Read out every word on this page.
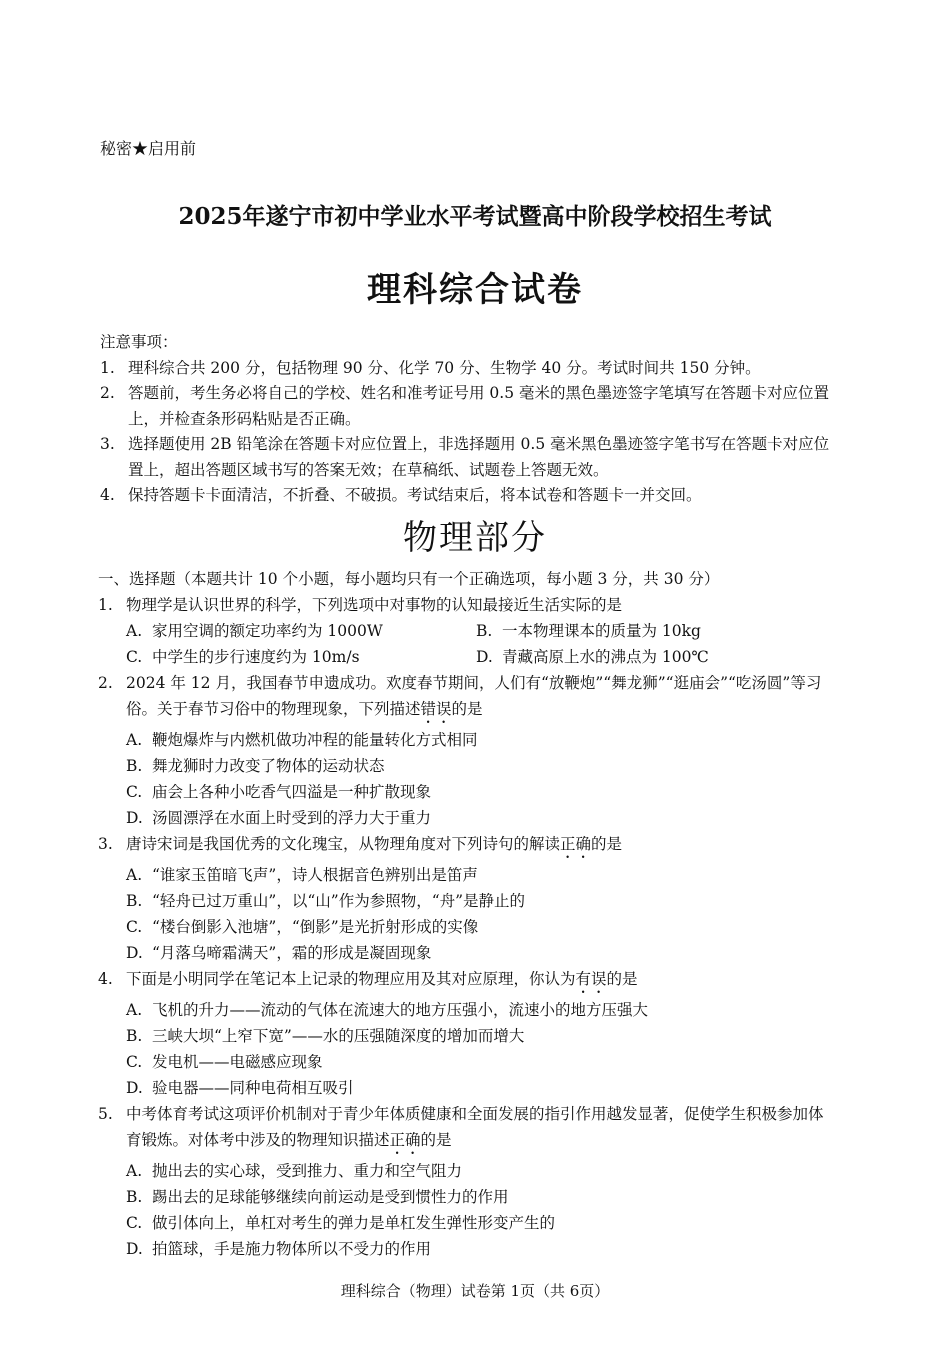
秘密★启用前
2025年遂宁市初中学业水平考试暨高中阶段学校招生考试
理科综合试卷
注意事项：
1. 理科综合共 200 分，包括物理 90 分、化学 70 分、生物学 40 分。考试时间共 150 分钟。
2. 答题前，考生务必将自己的学校、姓名和准考证号用 0.5 毫米的黑色墨迹签字笔填写在答题卡对应位置上，并检查条形码粘贴是否正确。
3. 选择题使用 2B 铅笔涂在答题卡对应位置上，非选择题用 0.5 毫米黑色墨迹签字笔书写在答题卡对应位置上，超出答题区域书写的答案无效；在草稿纸、试题卷上答题无效。
4. 保持答题卡卡面清洁，不折叠、不破损。考试结束后，将本试卷和答题卡一并交回。
物理部分
一、选择题（本题共计 10 个小题，每小题均只有一个正确选项，每小题 3 分，共 30 分）
1. 物理学是认识世界的科学，下列选项中对事物的认知最接近生活实际的是
A. 家用空调的额定功率约为 1000W	B. 一本物理课本的质量为 10kg
C. 中学生的步行速度约为 10m/s	D. 青藏高原上水的沸点为 100℃
2. 2024 年 12 月，我国春节申遗成功。欢度春节期间，人们有“放鞭炮”“舞龙狮”“逛庙会”“吃汤圆”等习俗。关于春节习俗中的物理现象，下列描述错误的是
A. 鞭炮爆炸与内燃机做功冲程的能量转化方式相同
B. 舞龙狮时力改变了物体的运动状态
C. 庙会上各种小吃香气四溢是一种扩散现象
D. 汤圆漂浮在水面上时受到的浮力大于重力
3. 唐诗宋词是我国优秀的文化瑰宝，从物理角度对下列诗句的解读正确的是
A. “谁家玉笛暗飞声”，诗人根据音色辨别出是笛声
B. “轻舟已过万重山”，以“山”作为参照物，“舟”是静止的
C. “楼台倒影入池塘”，“倒影”是光折射形成的实像
D. “月落乌啼霜满天”，霜的形成是凝固现象
4. 下面是小明同学在笔记本上记录的物理应用及其对应原理，你认为有误的是
A. 飞机的升力——流动的气体在流速大的地方压强小，流速小的地方压强大
B. 三峡大坝“上窄下宽”——水的压强随深度的增加而增大
C. 发电机——电磁感应现象
D. 验电器——同种电荷相互吸引
5. 中考体育考试这项评价机制对于青少年体质健康和全面发展的指引作用越发显著，促使学生积极参加体育锻炼。对体考中涉及的物理知识描述正确的是
A. 抛出去的实心球，受到推力、重力和空气阻力
B. 踢出去的足球能够继续向前运动是受到惯性力的作用
C. 做引体向上，单杠对考生的弹力是单杠发生弹性形变产生的
D. 拍篮球，手是施力物体所以不受力的作用
理科综合（物理）试卷第 1页（共 6页）
